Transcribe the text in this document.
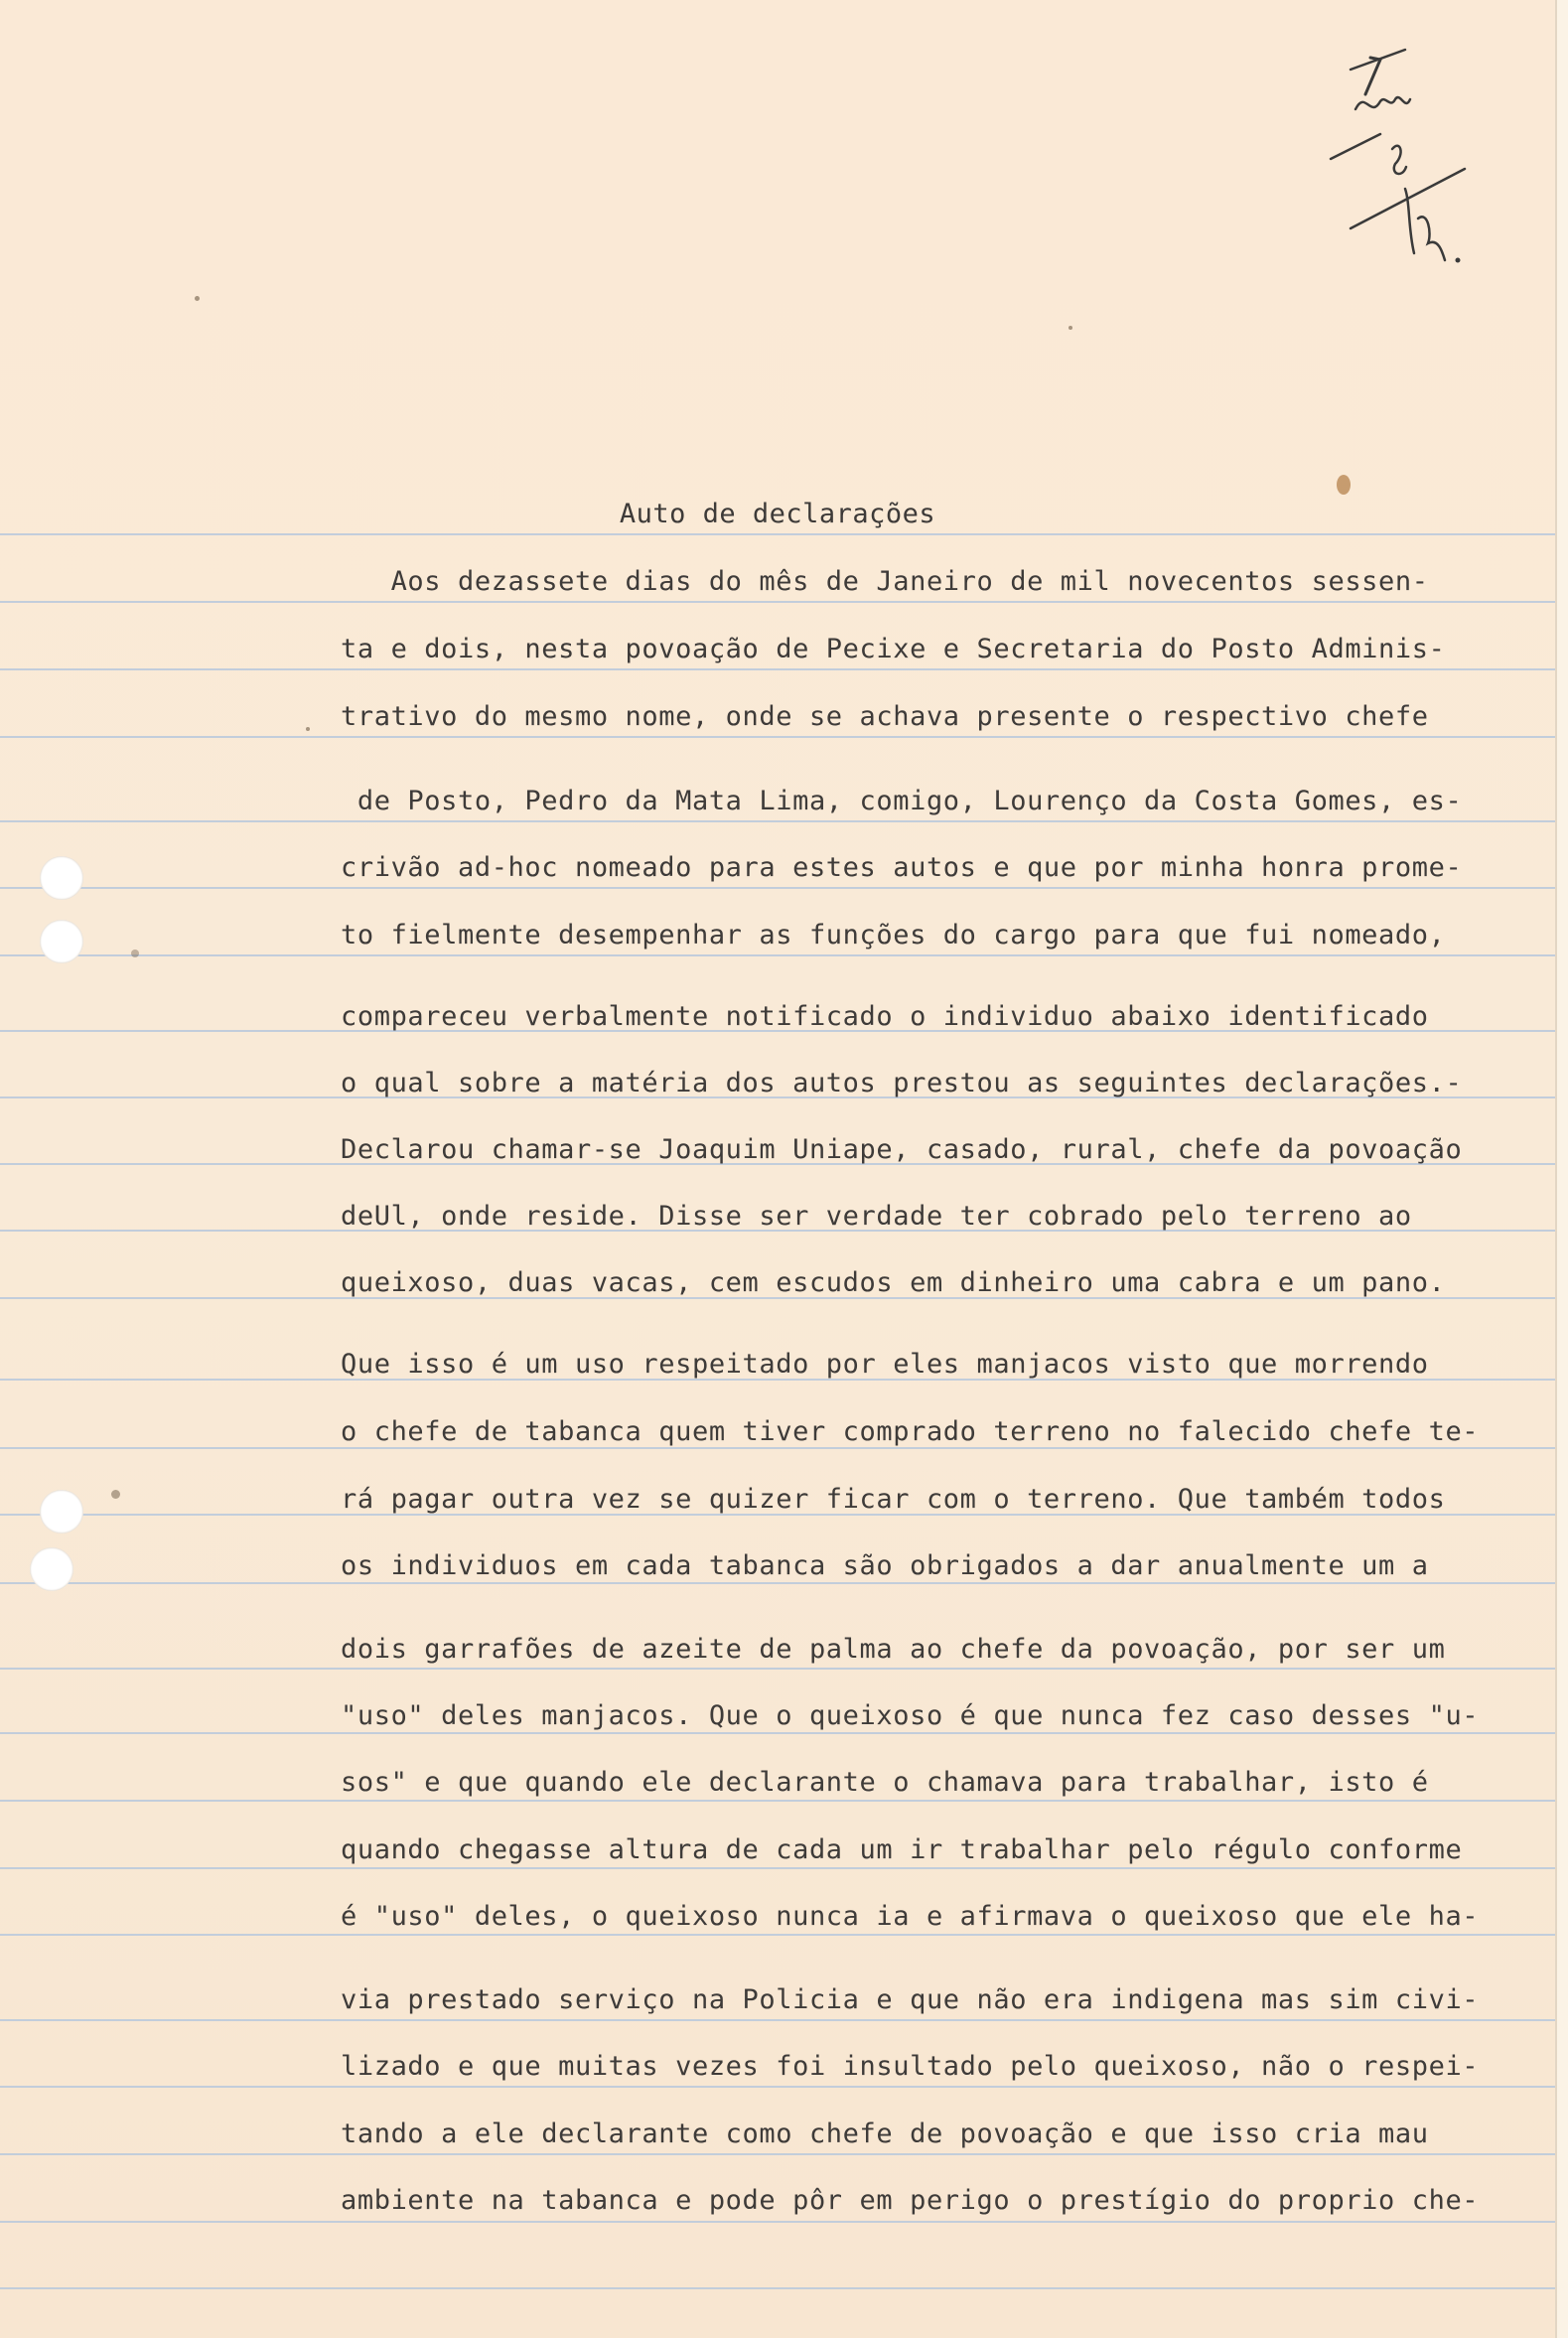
Auto de declarações
Aos dezassete dias do mês de Janeiro de mil novecentos sessen-
ta e dois, nesta povoação de Pecixe e Secretaria do Posto Adminis-
trativo do mesmo nome, onde se achava presente o respectivo chefe
de Posto, Pedro da Mata Lima, comigo, Lourenço da Costa Gomes, es-
crivão ad-hoc nomeado para estes autos e que por minha honra prome-
to fielmente desempenhar as funções do cargo para que fui nomeado,
compareceu verbalmente notificado o individuo abaixo identificado
o qual sobre a matéria dos autos prestou as seguintes declarações.-
Declarou chamar-se Joaquim Uniape, casado, rural, chefe da povoação
deUl, onde reside. Disse ser verdade ter cobrado pelo terreno ao
queixoso, duas vacas, cem escudos em dinheiro uma cabra e um pano.
Que isso é um uso respeitado por eles manjacos visto que morrendo
o chefe de tabanca quem tiver comprado terreno no falecido chefe te-
rá pagar outra vez se quizer ficar com o terreno. Que também todos
os individuos em cada tabanca são obrigados a dar anualmente um a
dois garrafões de azeite de palma ao chefe da povoação, por ser um
"uso" deles manjacos. Que o queixoso é que nunca fez caso desses "u-
sos" e que quando ele declarante o chamava para trabalhar, isto é
quando chegasse altura de cada um ir trabalhar pelo régulo conforme
é "uso" deles, o queixoso nunca ia e afirmava o queixoso que ele ha-
via prestado serviço na Policia e que não era indigena mas sim civi-
lizado e que muitas vezes foi insultado pelo queixoso, não o respei-
tando a ele declarante como chefe de povoação e que isso cria mau
ambiente na tabanca e pode pôr em perigo o prestígio do proprio che-
